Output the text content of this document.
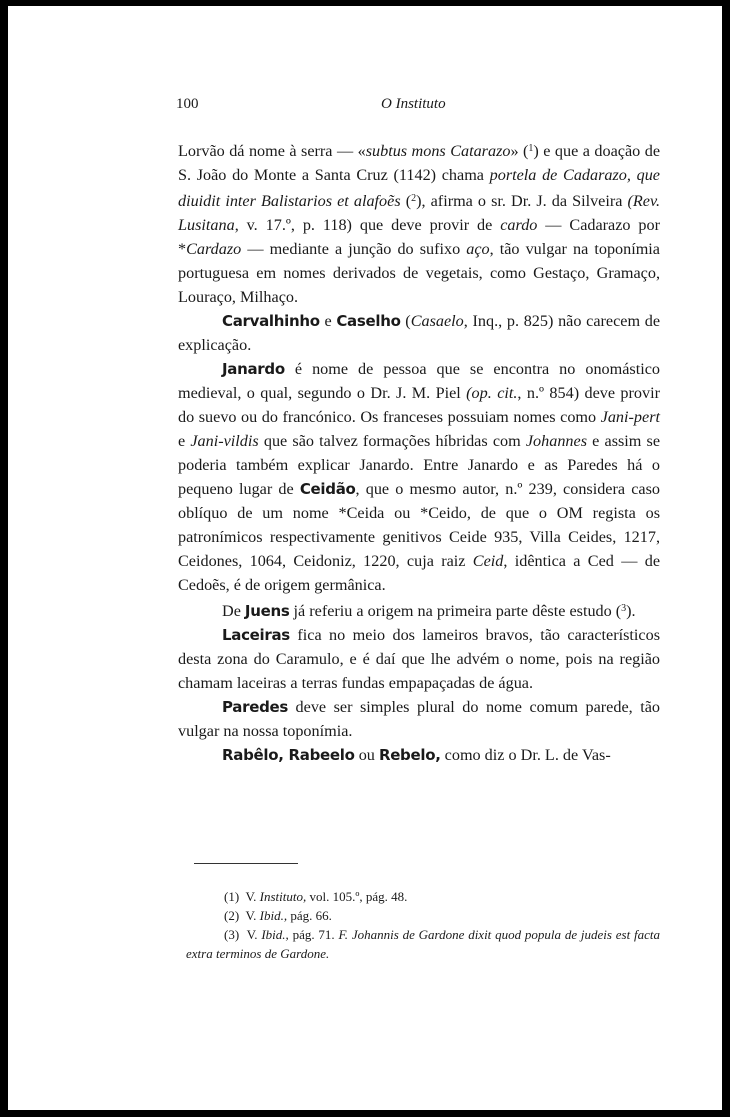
100	O Instituto

Lorvão dá nome à serra — «subtus mons Catarazo» ($^1$) e que a doação de S. João do Monte a Santa Cruz (1142) chama portela de Cadarazo, que diuidit inter Balistarios et alafoẽs ($^2$), afirma o sr. Dr. J. da Silveira (Rev. Lusitana, v. 17.º, p. 118) que deve provir de cardo — Cadarazo por *Cardazo — mediante a junção do sufixo aço, tão vulgar na toponímia portuguesa em nomes derivados de vegetais, como Gestaço, Gramaço, Louraço, Milhaço.

Carvalhinho e Caselho (Casaelo, Inq., p. 825) não carecem de explicação.

Janardo é nome de pessoa que se encontra no onomástico medieval, o qual, segundo o Dr. J. M. Piel (op. cit., n.º 854) deve provir do suevo ou do francónico. Os franceses possuiam nomes como Jani-pert e Jani-vildis que são talvez formações híbridas com Johannes e assim se poderia também explicar Janardo. Entre Janardo e as Paredes há o pequeno lugar de Ceidão, que o mesmo autor, n.º 239, considera caso oblíquo de um nome *Ceida ou *Ceido, de que o OM regista os patronímicos respectivamente genitivos Ceide 935, Villa Ceides, 1217, Ceidones, 1064, Ceidoniz, 1220, cuja raiz Ceid, idêntica a Ced — de Cedoẽs, é de origem germânica.

De Juens já referiu a origem na primeira parte dêste estudo ($^3$).

Laceiras fica no meio dos lameiros bravos, tão característicos desta zona do Caramulo, e é daí que lhe advém o nome, pois na região chamam laceiras a terras fundas empapaçadas de água.

Paredes deve ser simples plural do nome comum parede, tão vulgar na nossa toponímia.

Rabêlo, Rabeelo ou Rebelo, como diz o Dr. L. de Vas-

(1) V. Instituto, vol. 105.º, pág. 48.

(2) V. Ibid., pág. 66.

(3) V. Ibid., pág. 71. F. Johannis de Gardone dixit quod popula de judeis est facta extra terminos de Gardone.
